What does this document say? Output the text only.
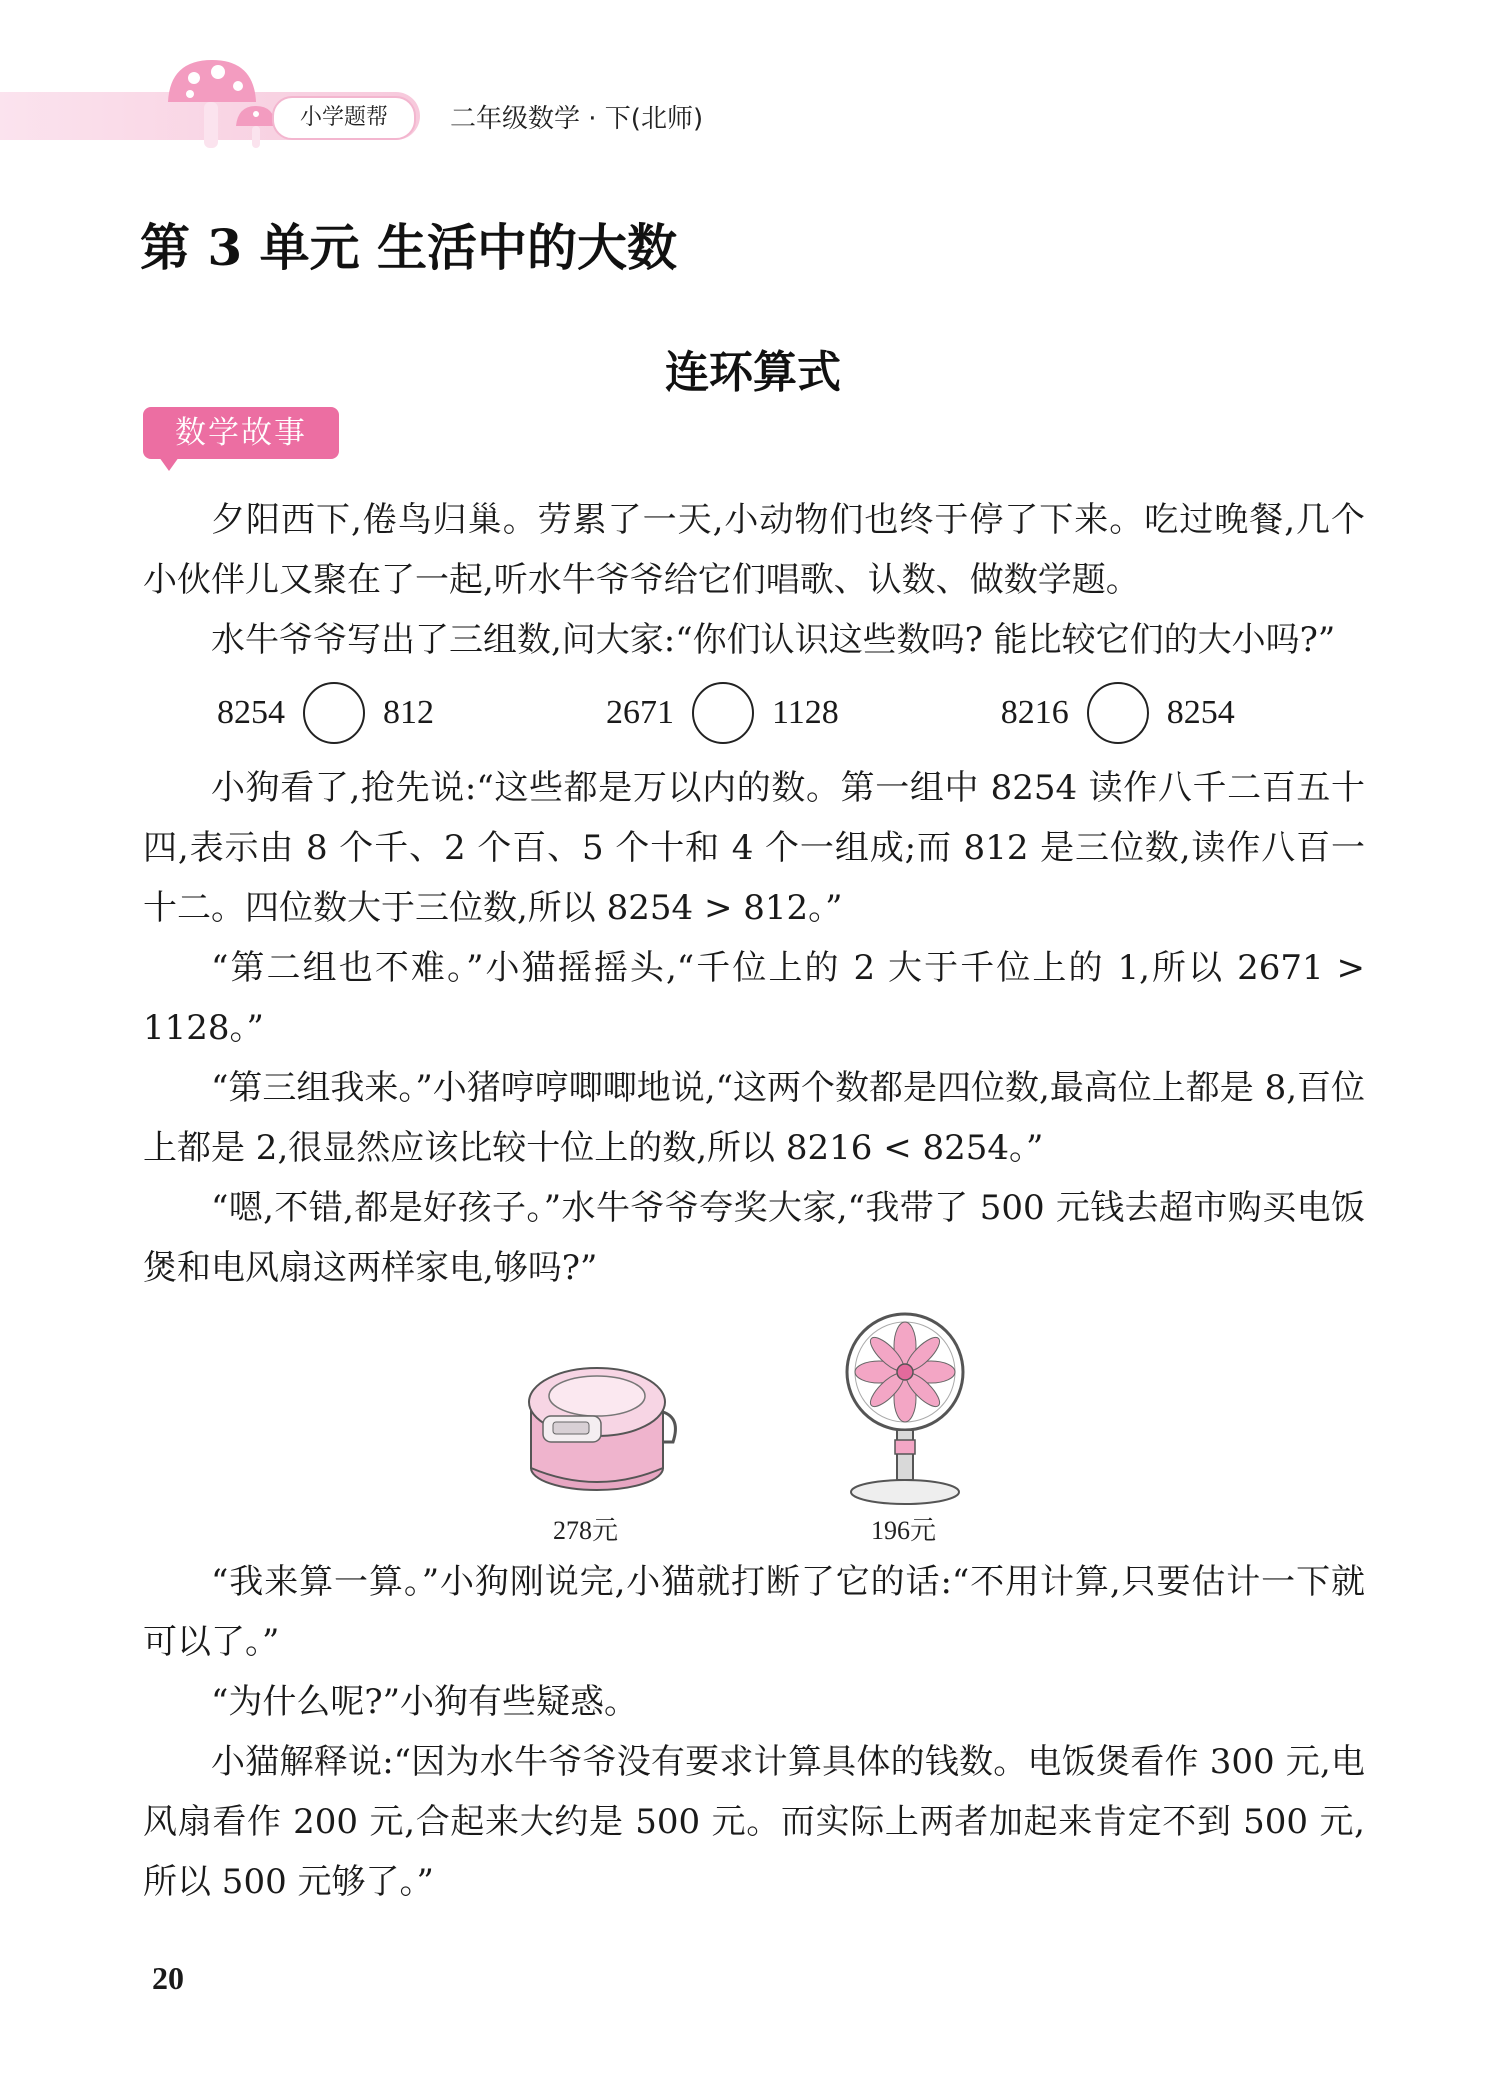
小学题帮	二年级数学 · 下(北师)
第 3 单元 生活中的大数
连环算式
数学故事

夕阳西下,倦鸟归巢。劳累了一天,小动物们也终于停了下来。吃过晚餐,几个小伙伴儿又聚在了一起,听水牛爷爷给它们唱歌、认数、做数学题。

水牛爷爷写出了三组数,问大家:“你们认识这些数吗? 能比较它们的大小吗?”

8254	812	2671	1128	8216	8254

小狗看了,抢先说:“这些都是万以内的数。第一组中 8254 读作八千二百五十四,表示由 8 个千、2 个百、5 个十和 4 个一组成;而 812 是三位数,读作八百一十二。四位数大于三位数,所以 8254 > 812。”

“第二组也不难。”小猫摇摇头,“千位上的 2 大于千位上的 1,所以 2671 > 1128。”

“第三组我来。”小猪哼哼唧唧地说,“这两个数都是四位数,最高位上都是 8,百位上都是 2,很显然应该比较十位上的数,所以 8216 < 8254。”

“嗯,不错,都是好孩子。”水牛爷爷夸奖大家,“我带了 500 元钱去超市购买电饭煲和电风扇这两样家电,够吗?”

278元	196元

“我来算一算。”小狗刚说完,小猫就打断了它的话:“不用计算,只要估计一下就可以了。”

“为什么呢?”小狗有些疑惑。

小猫解释说:“因为水牛爷爷没有要求计算具体的钱数。电饭煲看作 300 元,电风扇看作 200 元,合起来大约是 500 元。而实际上两者加起来肯定不到 500 元,所以 500 元够了。”

20
